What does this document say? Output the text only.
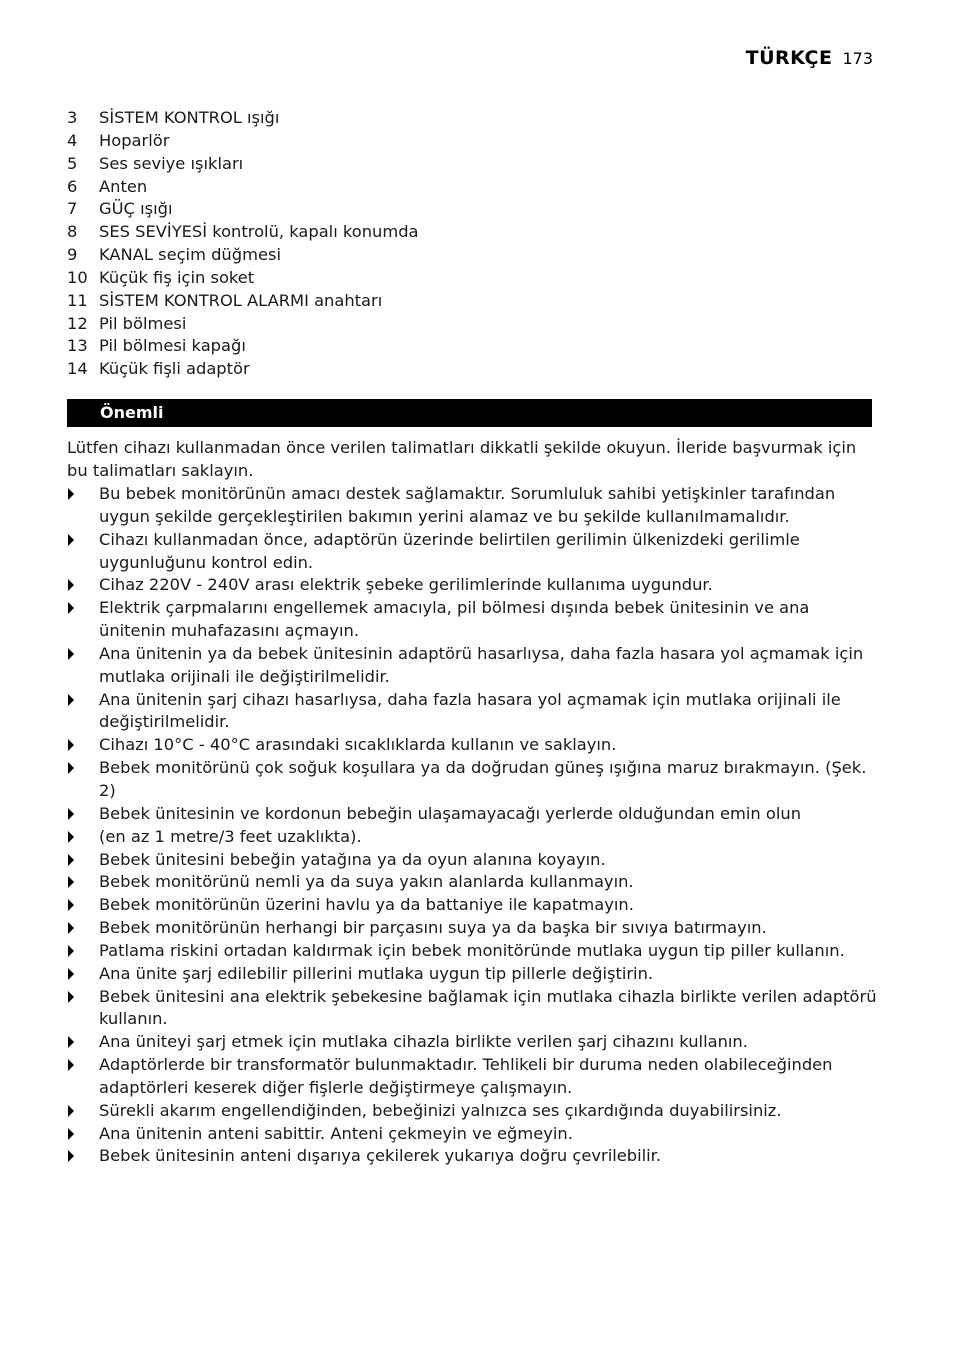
TÜRKÇE 173
3	SİSTEM KONTROL ışığı
4	Hoparlör
5	Ses seviye ışıkları
6	Anten
7	GÜÇ ışığı
8	SES SEVİYESİ kontrolü, kapalı konumda
9	KANAL seçim düğmesi
10 Küçük fiş için soket
11 SİSTEM KONTROL ALARMI anahtarı
12 Pil bölmesi
13 Pil bölmesi kapağı
14 Küçük fişli adaptör
Önemli

Lütfen cihazı kullanmadan önce verilen talimatları dikkatli şekilde okuyun. İleride başvurmak için bu talimatları saklayın.

Bu bebek monitörünün amacı destek sağlamaktır. Sorumluluk sahibi yetişkinler tarafından uygun şekilde gerçekleştirilen bakımın yerini alamaz ve bu şekilde kullanılmamalıdır.
Cihazı kullanmadan önce, adaptörün üzerinde belirtilen gerilimin ülkenizdeki gerilimle uygunluğunu kontrol edin.
Cihaz 220V - 240V arası elektrik şebeke gerilimlerinde kullanıma uygundur.
Elektrik çarpmalarını engellemek amacıyla, pil bölmesi dışında bebek ünitesinin ve ana ünitenin muhafazasını açmayın.
Ana ünitenin ya da bebek ünitesinin adaptörü hasarlıysa, daha fazla hasara yol açmamak için mutlaka orijinali ile değiştirilmelidir.
Ana ünitenin şarj cihazı hasarlıysa, daha fazla hasara yol açmamak için mutlaka orijinali ile değiştirilmelidir.
Cihazı 10°C - 40°C arasındaki sıcaklıklarda kullanın ve saklayın.
Bebek monitörünü çok soğuk koşullara ya da doğrudan güneş ışığına maruz bırakmayın. (Şek. 2)
Bebek ünitesinin ve kordonun bebeğin ulaşamayacağı yerlerde olduğundan emin olun
(en az 1 metre/3 feet uzaklıkta).
Bebek ünitesini bebeğin yatağına ya da oyun alanına koyayın.
Bebek monitörünü nemli ya da suya yakın alanlarda kullanmayın.
Bebek monitörünün üzerini havlu ya da battaniye ile kapatmayın.
Bebek monitörünün herhangi bir parçasını suya ya da başka bir sıvıya batırmayın.
Patlama riskini ortadan kaldırmak için bebek monitöründe mutlaka uygun tip piller kullanın.
Ana ünite şarj edilebilir pillerini mutlaka uygun tip pillerle değiştirin.
Bebek ünitesini ana elektrik şebekesine bağlamak için mutlaka cihazla birlikte verilen adaptörü kullanın.
Ana üniteyi şarj etmek için mutlaka cihazla birlikte verilen şarj cihazını kullanın.
Adaptörlerde bir transformatör bulunmaktadır. Tehlikeli bir duruma neden olabileceğinden adaptörleri keserek diğer fişlerle değiştirmeye çalışmayın.
Sürekli akarım engellendiğinden, bebeğinizi yalnızca ses çıkardığında duyabilirsiniz.
Ana ünitenin anteni sabittir. Anteni çekmeyin ve eğmeyin.
Bebek ünitesinin anteni dışarıya çekilerek yukarıya doğru çevrilebilir.
